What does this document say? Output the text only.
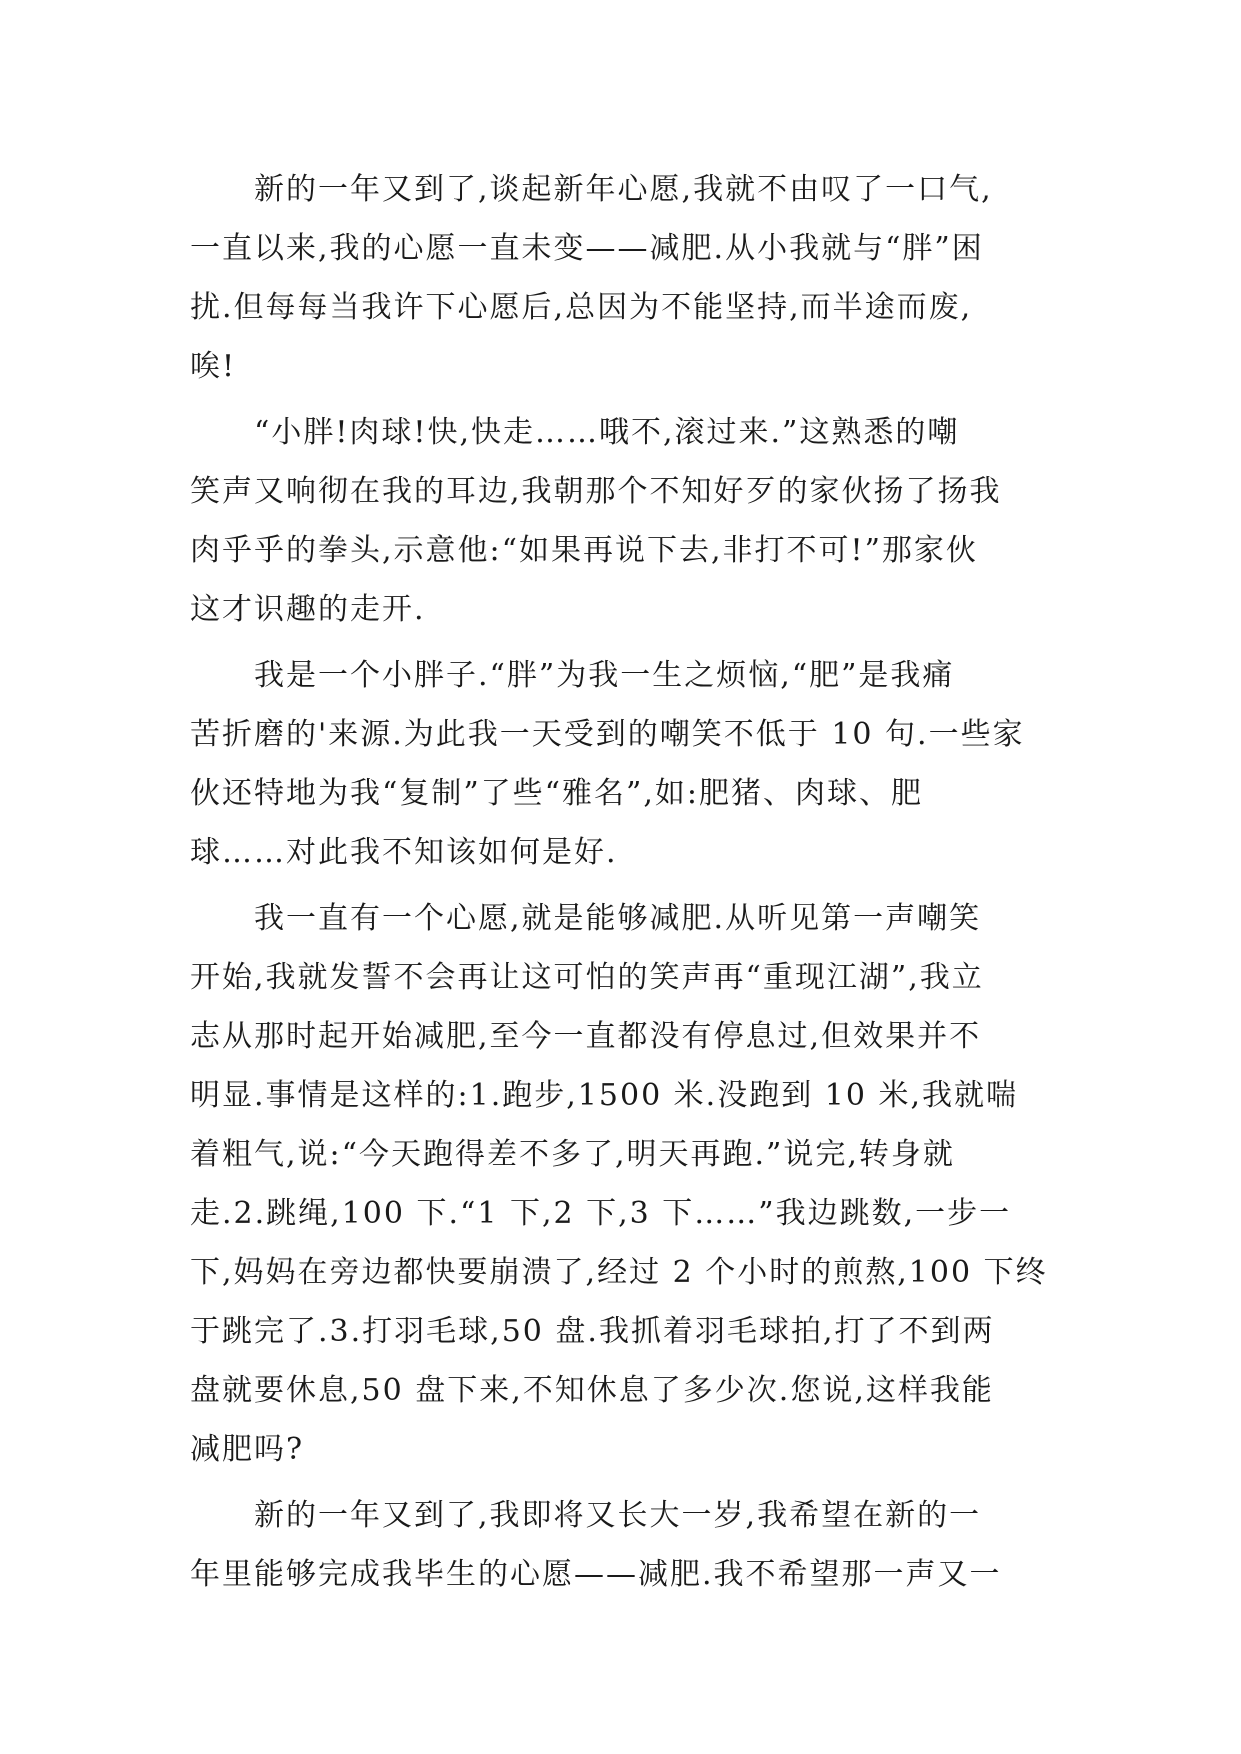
　　新的一年又到了,谈起新年心愿,我就不由叹了一口气,
一直以来,我的心愿一直未变——减肥.从小我就与“胖”困
扰.但每每当我许下心愿后,总因为不能坚持,而半途而废,
唉!
　　“小胖!肉球!快,快走……哦不,滚过来.”这熟悉的嘲
笑声又响彻在我的耳边,我朝那个不知好歹的家伙扬了扬我
肉乎乎的拳头,示意他:“如果再说下去,非打不可!”那家伙
这才识趣的走开.
　　我是一个小胖子.“胖”为我一生之烦恼,“肥”是我痛
苦折磨的'来源.为此我一天受到的嘲笑不低于 10 句.一些家
伙还特地为我“复制”了些“雅名”,如:肥猪、肉球、肥
球……对此我不知该如何是好.
　　我一直有一个心愿,就是能够减肥.从听见第一声嘲笑
开始,我就发誓不会再让这可怕的笑声再“重现江湖”,我立
志从那时起开始减肥,至今一直都没有停息过,但效果并不
明显.事情是这样的:1.跑步,1500 米.没跑到 10 米,我就喘
着粗气,说:“今天跑得差不多了,明天再跑.”说完,转身就
走.2.跳绳,100 下.“1 下,2 下,3 下……”我边跳数,一步一
下,妈妈在旁边都快要崩溃了,经过 2 个小时的煎熬,100 下终
于跳完了.3.打羽毛球,50 盘.我抓着羽毛球拍,打了不到两
盘就要休息,50 盘下来,不知休息了多少次.您说,这样我能
减肥吗?
　　新的一年又到了,我即将又长大一岁,我希望在新的一
年里能够完成我毕生的心愿——减肥.我不希望那一声又一
